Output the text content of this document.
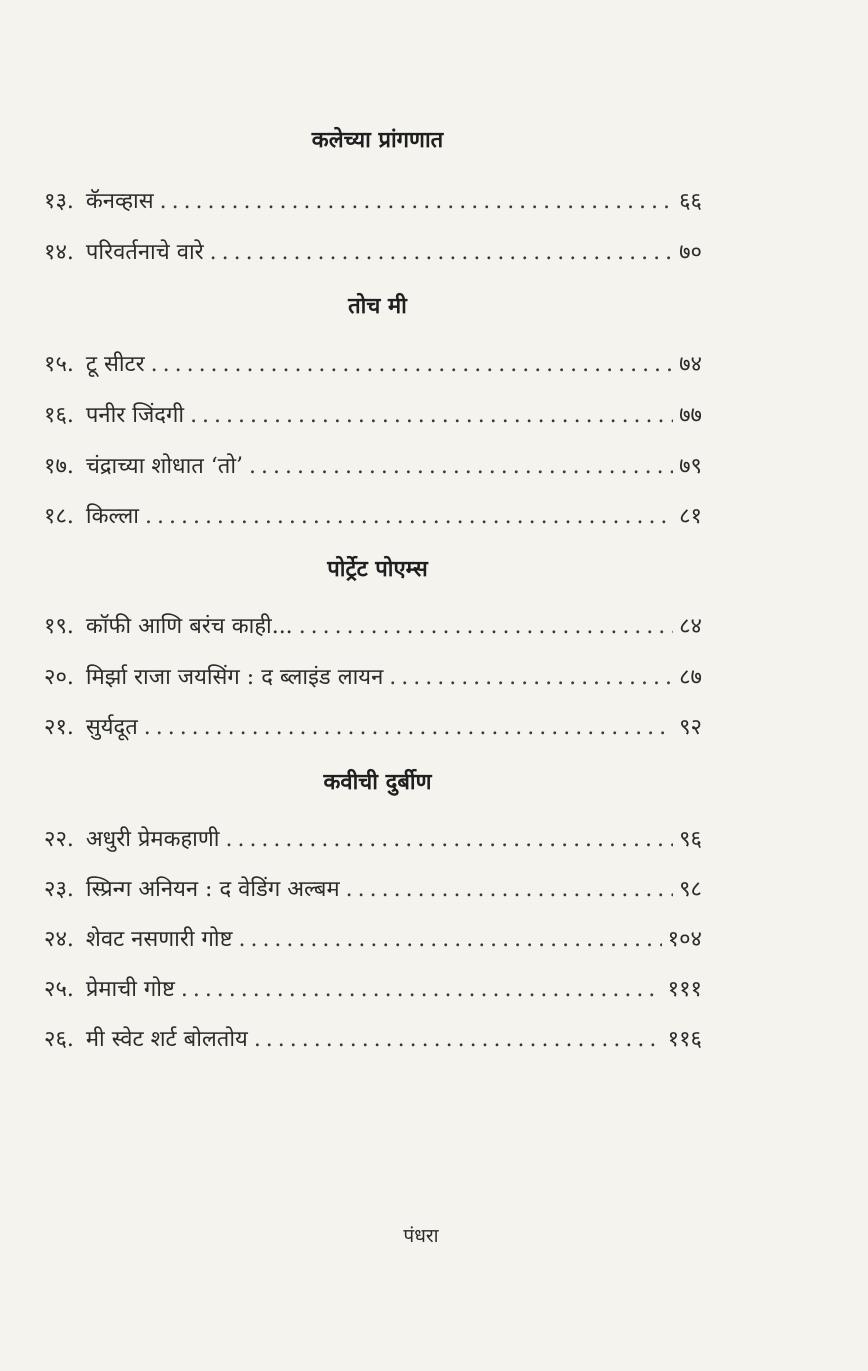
कलेच्या प्रांगणात
१३. कॅनव्हास . . .	६६
१४. परिवर्तनाचे वारे . . .	७०
तोच मी
१५. टू सीटर . . .	७४
१६. पनीर जिंदगी . . .	७७
१७. चंद्राच्या शोधात ‘तो’ . . .	७९
१८. किल्ला . . .	८१
पोर्ट्रेट पोएम्स
१९. कॉफी आणि बरंच काही... . . .	८४
२०. मिर्झा राजा जयसिंग : द ब्लाइंड लायन . . .	८७
२१. सुर्यदूत . . .	९२
कवीची दुर्बीण
२२. अधुरी प्रेमकहाणी . . .	९६
२३. स्प्रिन्ग अनियन : द वेडिंग अल्बम . . .	९८
२४. शेवट नसणारी गोष्ट . . .	१०४
२५. प्रेमाची गोष्ट . . .	१११
२६. मी स्वेट शर्ट बोलतोय . . .	११६
पंधरा
